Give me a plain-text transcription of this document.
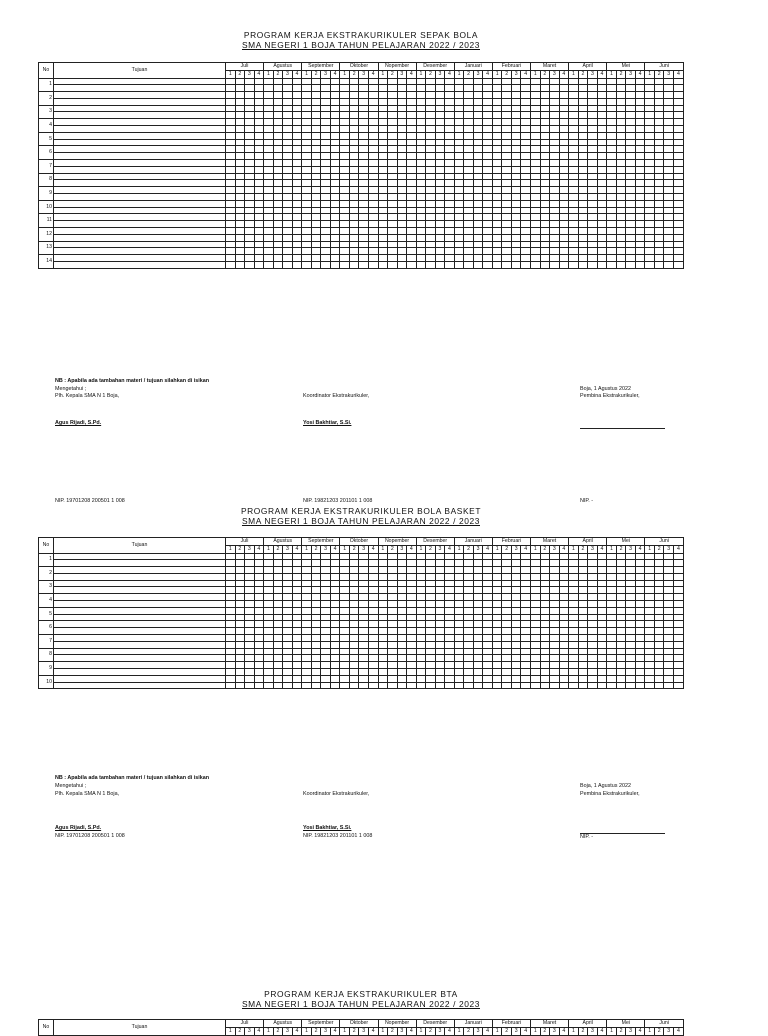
PROGRAM KERJA EKSTRAKURIKULER SEPAK BOLA
SMA NEGERI 1 BOJA TAHUN PELAJARAN 2022 / 2023
No	Tujuan	Juli				Agustus				September				Oktober				Nopember				Desember				Januari				Februari				Maret				April				Mei				Juni			
		1	2	3	4	1	2	3	4	1	2	3	4	1	2	3	4	1	2	3	4	1	2	3	4	1	2	3	4	1	2	3	4	1	2	3	4	1	2	3	4	1	2	3	4	1	2	3	4
1																																																	

2																																																	

3																																																	

4																																																	

5																																																	

6																																																	

7																																																	

8																																																	

9																																																	

10																																																	

11																																																	

12																																																	

13																																																	

14																																																	

NB : Apabila ada tambahan materi / tujuan silahkan di isikan
Mengetahui ;
Plh. Kepala SMA N 1 Boja,	Koordinator Ekstrakurikuler,
Boja, 1 Agustus 2022
Pembina Ekstrakurikuler,
Agus Rijadi, S.Pd.	Yosi Bakhtiar, S.Si.
NIP. 19701208 200501 1 008	NIP. 19821203 201101 1 008	NIP. -
PROGRAM KERJA EKSTRAKURIKULER BOLA BASKET
SMA NEGERI 1 BOJA TAHUN PELAJARAN 2022 / 2023
No	Tujuan	Juli				Agustus				September				Oktober				Nopember				Desember				Januari				Februari				Maret				April				Mei				Juni			
		1	2	3	4	1	2	3	4	1	2	3	4	1	2	3	4	1	2	3	4	1	2	3	4	1	2	3	4	1	2	3	4	1	2	3	4	1	2	3	4	1	2	3	4	1	2	3	4
1																																																	

2																																																	

3																																																	

4																																																	

5																																																	

6																																																	

7																																																	

8																																																	

9																																																	

10																																																	

NB : Apabila ada tambahan materi / tujuan silahkan di isikan
Mengetahui ;
Plh. Kepala SMA N 1 Boja,	Koordinator Ekstrakurikuler,
Boja, 1 Agustus 2022
Pembina Ekstrakurikuler,
Agus Rijadi, S.Pd.	Yosi Bakhtiar, S.Si.
NIP. 19701208 200501 1 008	NIP. 19821203 201101 1 008	NIP. -
PROGRAM KERJA EKSTRAKURIKULER BTA
SMA NEGERI 1 BOJA TAHUN PELAJARAN 2022 / 2023
No	Tujuan	Juli				Agustus				September				Oktober				Nopember				Desember				Januari				Februari				Maret				April				Mei				Juni			
		1	2	3	4	1	2	3	4	1	2	3	4	1	2	3	4	1	2	3	4	1	2	3	4	1	2	3	4	1	2	3	4	1	2	3	4	1	2	3	4	1	2	3	4	1	2	3	4
